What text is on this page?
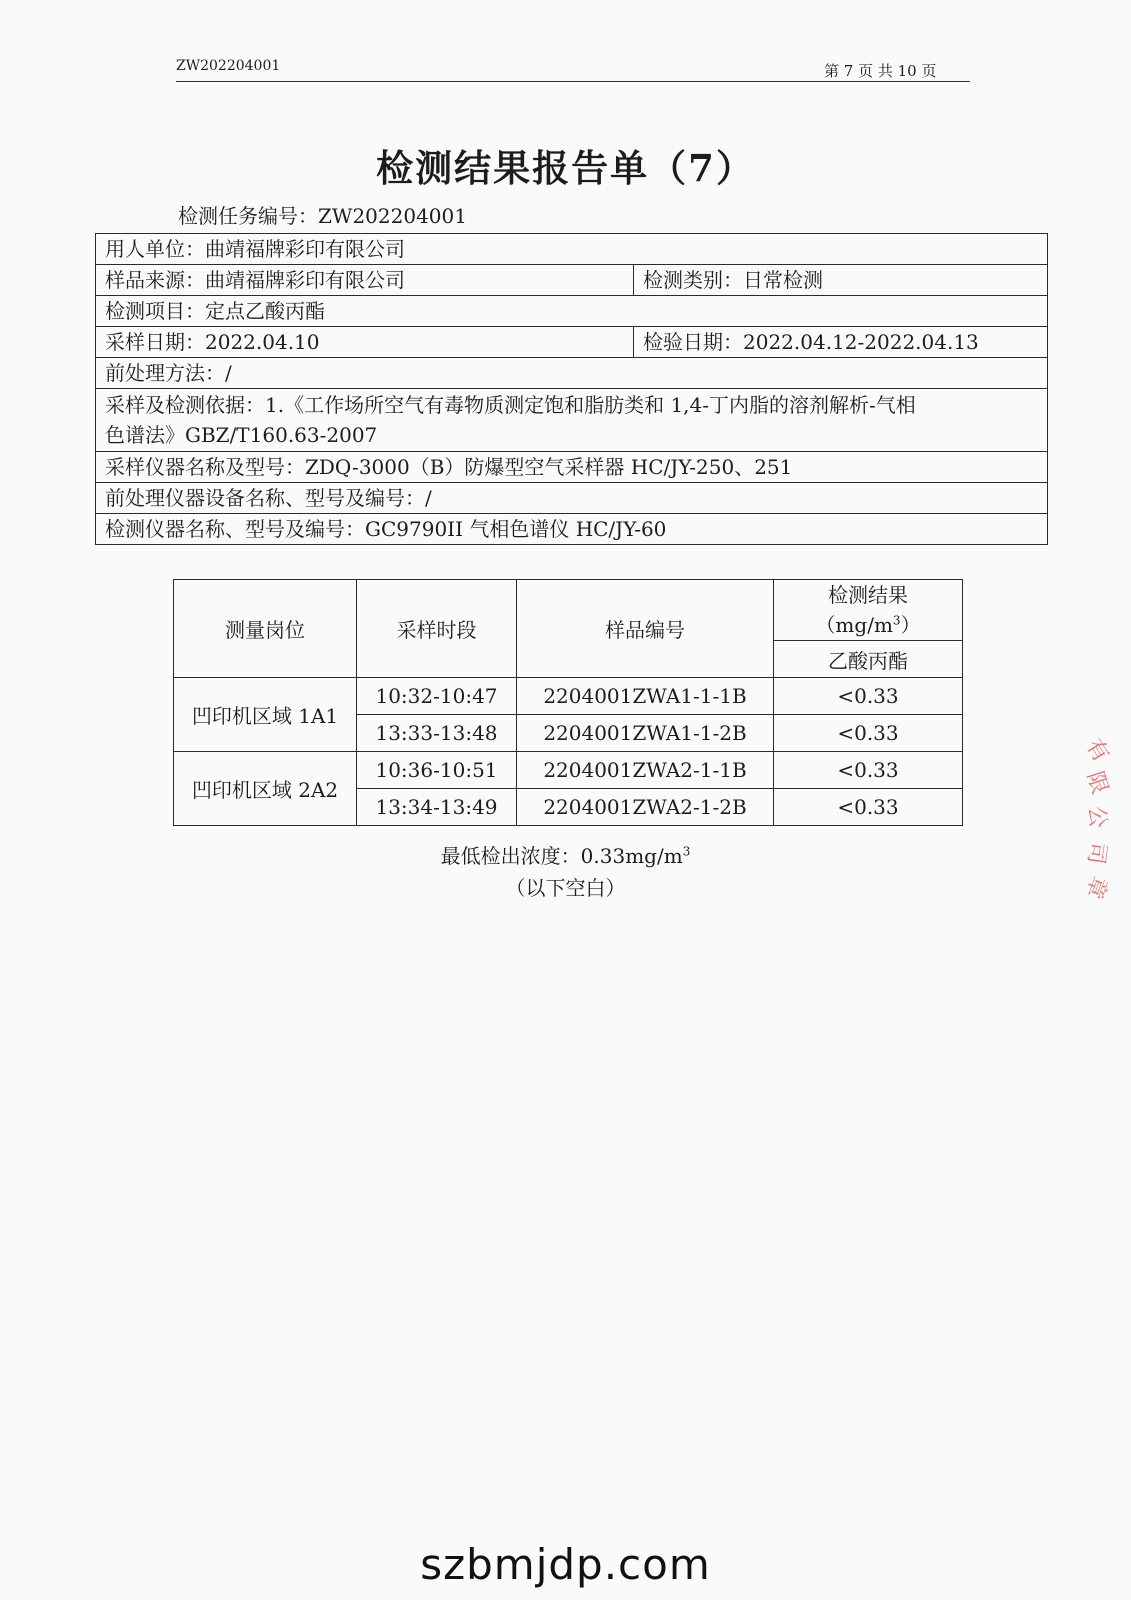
ZW202204001	第 7 页 共 10 页
检测结果报告单（7）
检测任务编号：ZW202204001
用人单位：曲靖福牌彩印有限公司	
样品来源：曲靖福牌彩印有限公司	检测类别：日常检测
检测项目：定点乙酸丙酯	
采样日期：2022.04.10	检验日期：2022.04.12-2022.04.13
前处理方法：/	

采样及检测依据：1.《工作场所空气有毒物质测定饱和脂肪类和 1,4-丁内脂的溶剂解析-气相
色谱法》GBZ/T160.63-2007	

采样仪器名称及型号：ZDQ-3000（B）防爆型空气采样器 HC/JY-250、251	
前处理仪器设备名称、型号及编号：/	
检测仪器名称、型号及编号：GC9790II 气相色谱仪 HC/JY-60	
测量岗位	采样时段	样品编号	检测结果
$(mg/m^3)$

			乙酸丙酯
凹印机区域 1A1	10:32-10:47	2204001ZWA1-1-1B	<0.33
	13:33-13:48	2204001ZWA1-1-2B	<0.33
凹印机区域 2A2	10:36-10:51	2204001ZWA2-1-1B	<0.33
	13:34-13:49	2204001ZWA2-1-2B	<0.33
最低检出浓度：$0.33mg/m^3$
（以下空白）
有
限
公
司
章
szbmjdp.com
